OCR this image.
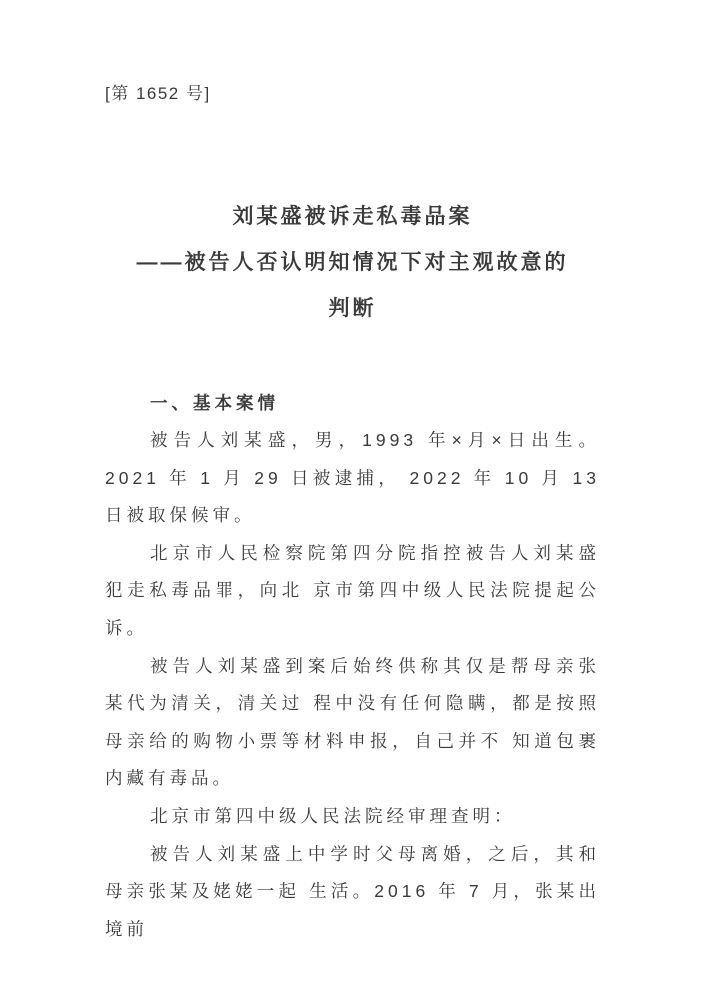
[第 1652 号]
刘某盛被诉走私毒品案
——被告人否认明知情况下对主观故意的
判断
一、基本案情

被告人刘某盛，男，1993 年×月×日出生。2021 年 1 月 29 日被逮捕， 2022 年 10 月 13 日被取保候审。

北京市人民检察院第四分院指控被告人刘某盛犯走私毒品罪，向北 京市第四中级人民法院提起公诉。

被告人刘某盛到案后始终供称其仅是帮母亲张某代为清关，清关过 程中没有任何隐瞒，都是按照母亲给的购物小票等材料申报，自己并不 知道包裹内藏有毒品。

北京市第四中级人民法院经审理查明：

被告人刘某盛上中学时父母离婚，之后，其和母亲张某及姥姥一起 生活。2016 年 7 月，张某出境前
